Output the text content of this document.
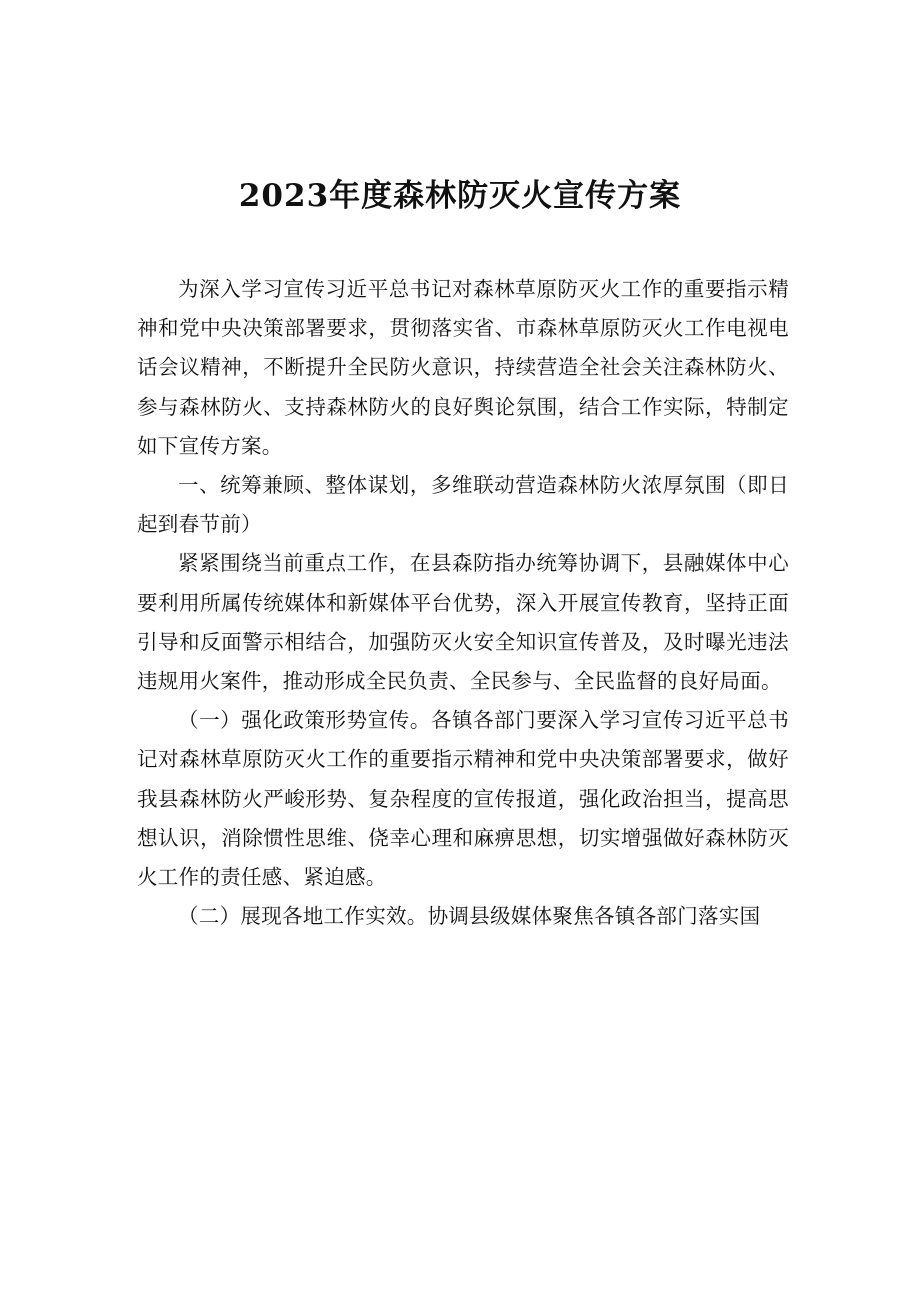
2023年度森林防灭火宣传方案

为深入学习宣传习近平总书记对森林草原防灭火工作的重要指示精神和党中央决策部署要求，贯彻落实省、市森林草原防灭火工作电视电话会议精神，不断提升全民防火意识，持续营造全社会关注森林防火、参与森林防火、支持森林防火的良好舆论氛围，结合工作实际，特制定如下宣传方案。

一、统筹兼顾、整体谋划，多维联动营造森林防火浓厚氛围（即日起到春节前）

紧紧围绕当前重点工作，在县森防指办统筹协调下，县融媒体中心要利用所属传统媒体和新媒体平台优势，深入开展宣传教育，坚持正面引导和反面警示相结合，加强防灭火安全知识宣传普及，及时曝光违法违规用火案件，推动形成全民负责、全民参与、全民监督的良好局面。

（一）强化政策形势宣传。各镇各部门要深入学习宣传习近平总书记对森林草原防灭火工作的重要指示精神和党中央决策部署要求，做好我县森林防火严峻形势、复杂程度的宣传报道，强化政治担当，提高思想认识，消除惯性思维、侥幸心理和麻痹思想，切实增强做好森林防灭火工作的责任感、紧迫感。

（二）展现各地工作实效。协调县级媒体聚焦各镇各部门落实国
